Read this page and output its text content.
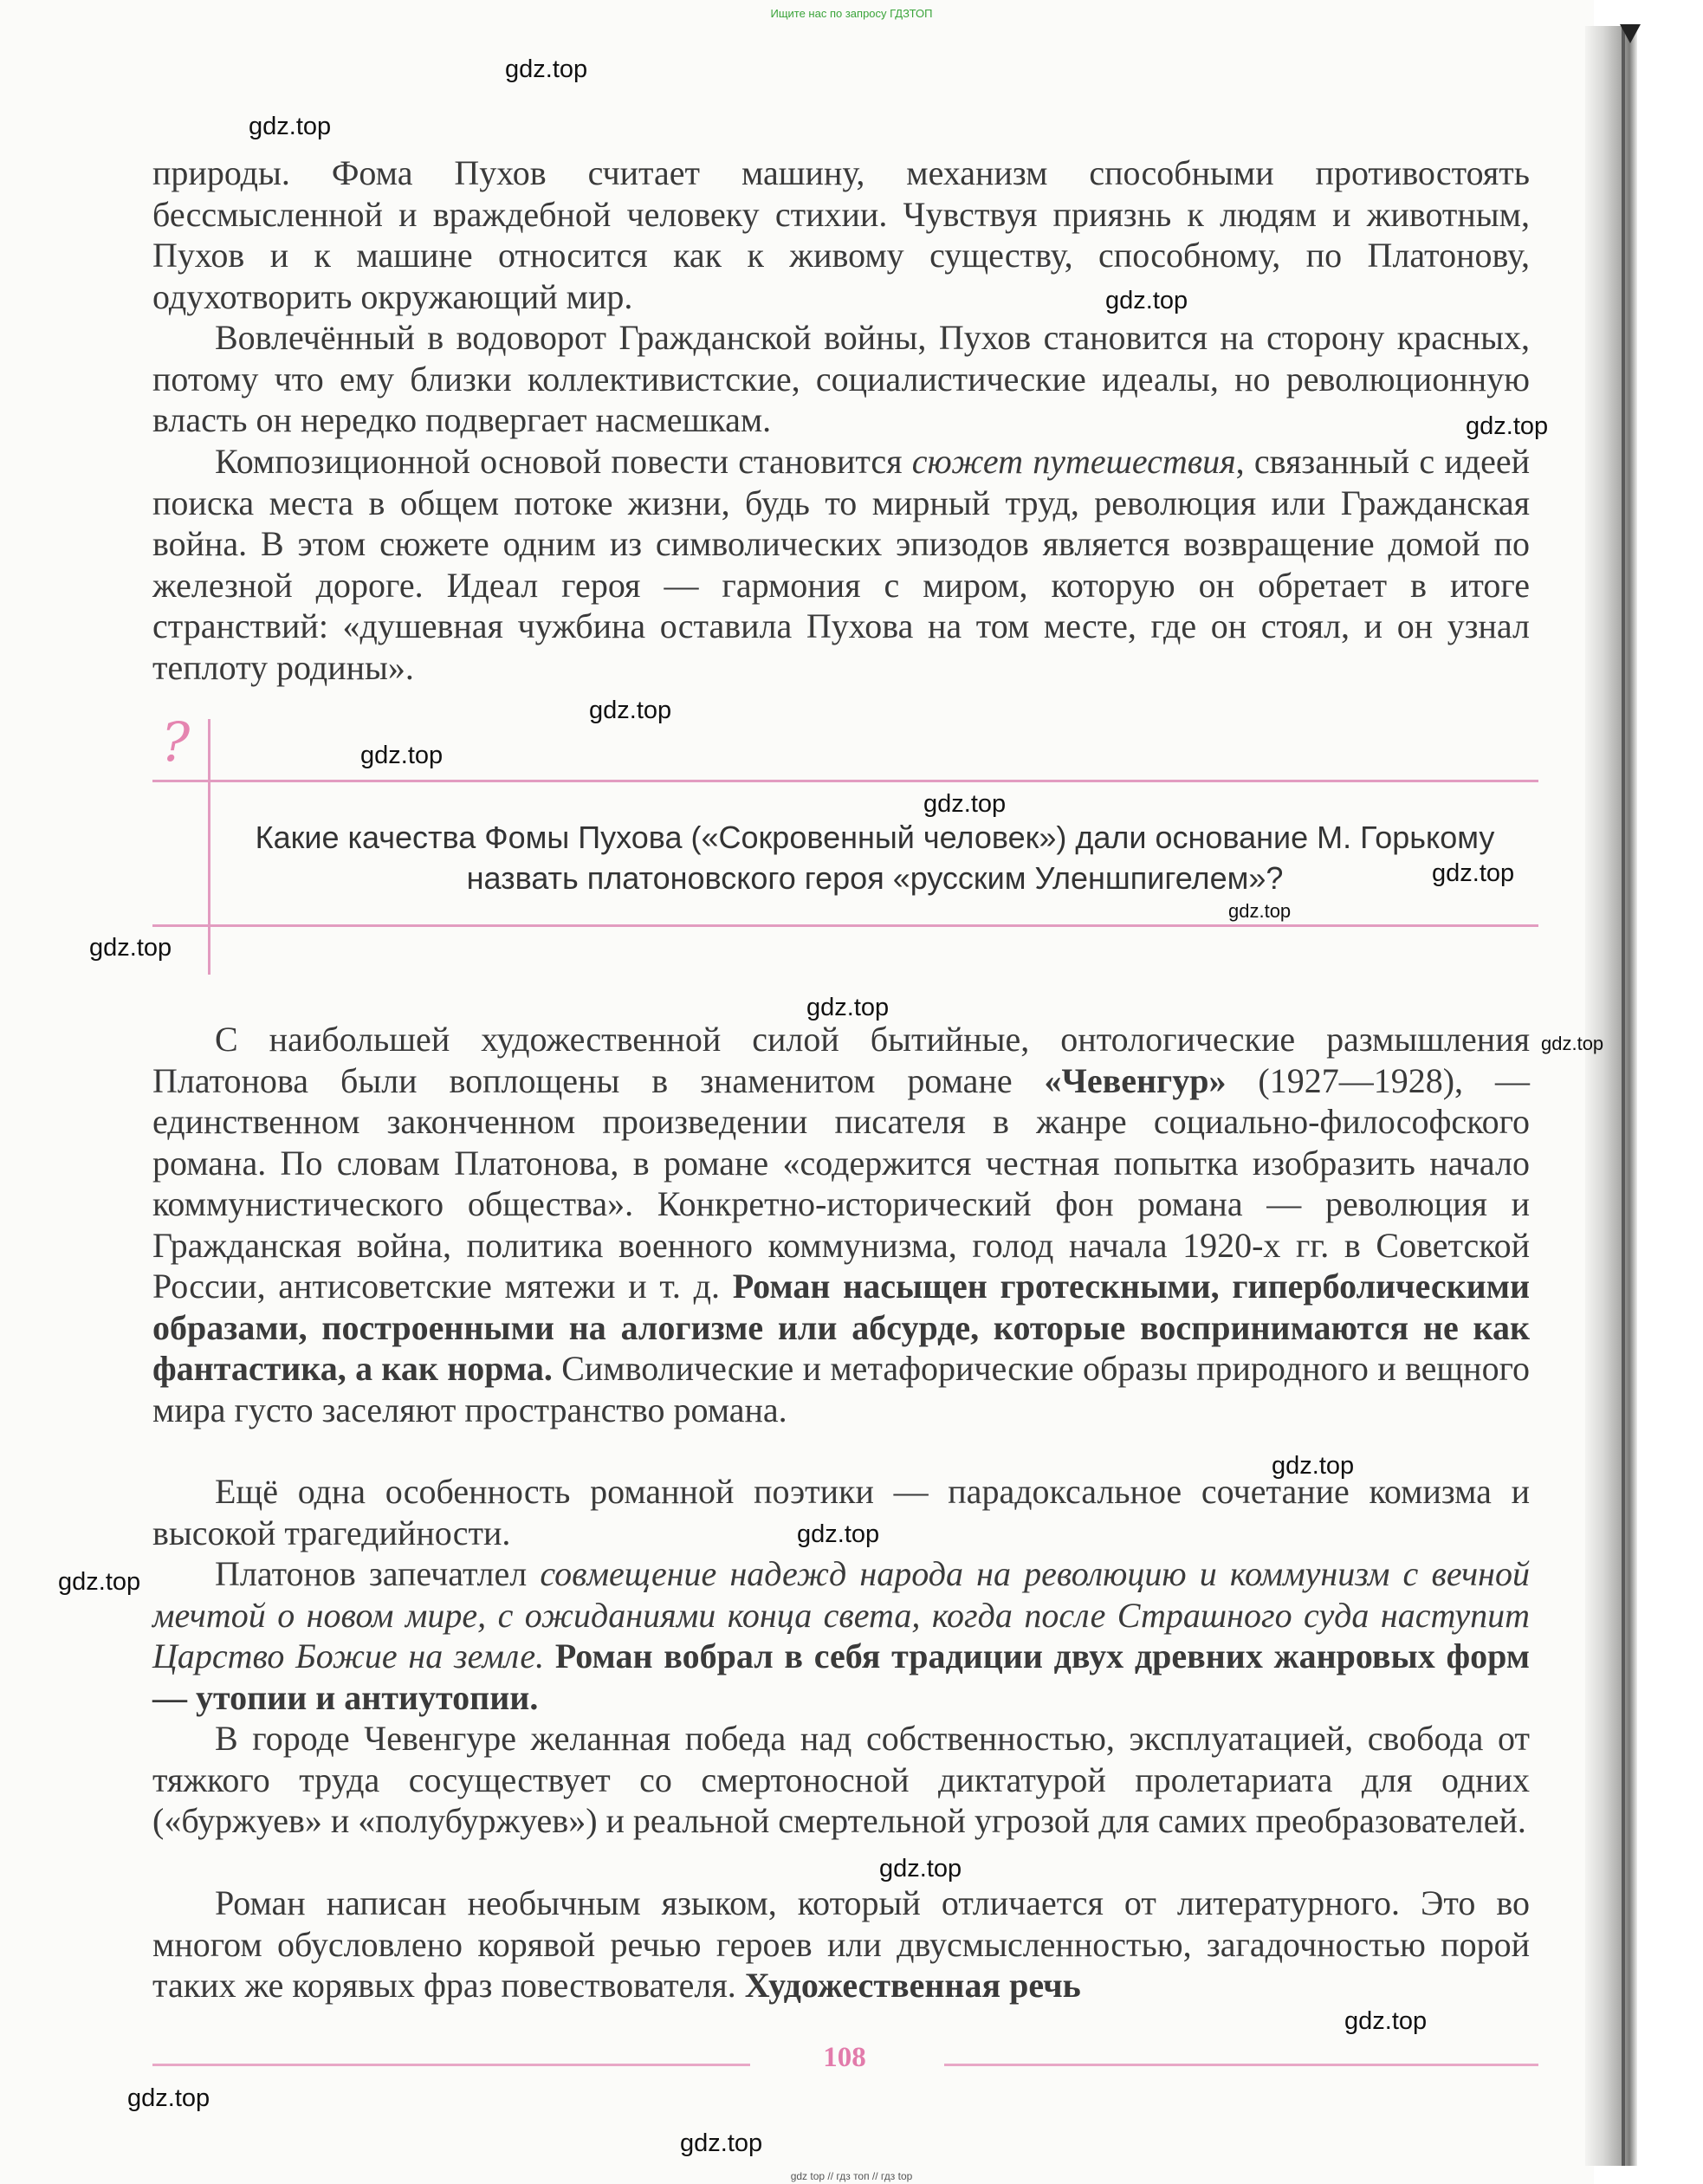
Ищите нас по запросу ГДЗТОП

природы. Фома Пухов считает машину, механизм способными противостоять бессмысленной и враждебной человеку стихии. Чувствуя приязнь к людям и животным, Пухов и к машине относится как к живому существу, способному, по Платонову, одухотворить окружающий мир.

Вовлечённый в водоворот Гражданской войны, Пухов становится на сторону красных, потому что ему близки коллективистские, социалистические идеалы, но революционную власть он нередко подвергает насмешкам.

Композиционной основой повести становится сюжет путешествия, связанный с идеей поиска места в общем потоке жизни, будь то мирный труд, революция или Гражданская война. В этом сюжете одним из символических эпизодов является возвращение домой по железной дороге. Идеал героя — гармония с миром, которую он обретает в итоге странствий: «душевная чужбина оставила Пухова на том месте, где он стоял, и он узнал теплоту родины».

?

Какие качества Фомы Пухова («Сокровенный человек») дали основание М. Горькому назвать платоновского героя «русским Уленшпигелем»?

С наибольшей художественной силой бытийные, онтологические размышления Платонова были воплощены в знаменитом романе «Чевенгур» (1927—1928), — единственном законченном произведении писателя в жанре социально-философского романа. По словам Платонова, в романе «содержится честная попытка изобразить начало коммунистического общества». Конкретно-исторический фон романа — революция и Гражданская война, политика военного коммунизма, голод начала 1920-х гг. в Советской России, антисоветские мятежи и т. д. Роман насыщен гротескными, гиперболическими образами, построенными на алогизме или абсурде, которые воспринимаются не как фантастика, а как норма. Символические и метафорические образы природного и вещного мира густо заселяют пространство романа.

Ещё одна особенность романной поэтики — парадоксальное сочетание комизма и высокой трагедийности.

Платонов запечатлел совмещение надежд народа на революцию и коммунизм с вечной мечтой о новом мире, с ожиданиями конца света, когда после Страшного суда наступит Царство Божие на земле. Роман вобрал в себя традиции двух древних жанровых форм — утопии и антиутопии.

В городе Чевенгуре желанная победа над собственностью, эксплуатацией, свобода от тяжкого труда сосуществует со смертоносной диктатурой пролетариата для одних («буржуев» и «полубуржуев») и реальной смертельной угрозой для самих преобразователей.

Роман написан необычным языком, который отличается от литературного. Это во многом обусловлено корявой речью героев или двусмысленностью, загадочностью порой таких же корявых фраз повествователя. Художественная речь

108
gdz.top
gdz.top
gdz.top
gdz.top
gdz.top
gdz.top
gdz.top
gdz.top
gdz.top
gdz.top
gdz.top
gdz.top
gdz.top
gdz.top
gdz.top
gdz.top
gdz.top
gdz.top
gdz.top
gdz top // гдз топ // гдз top
